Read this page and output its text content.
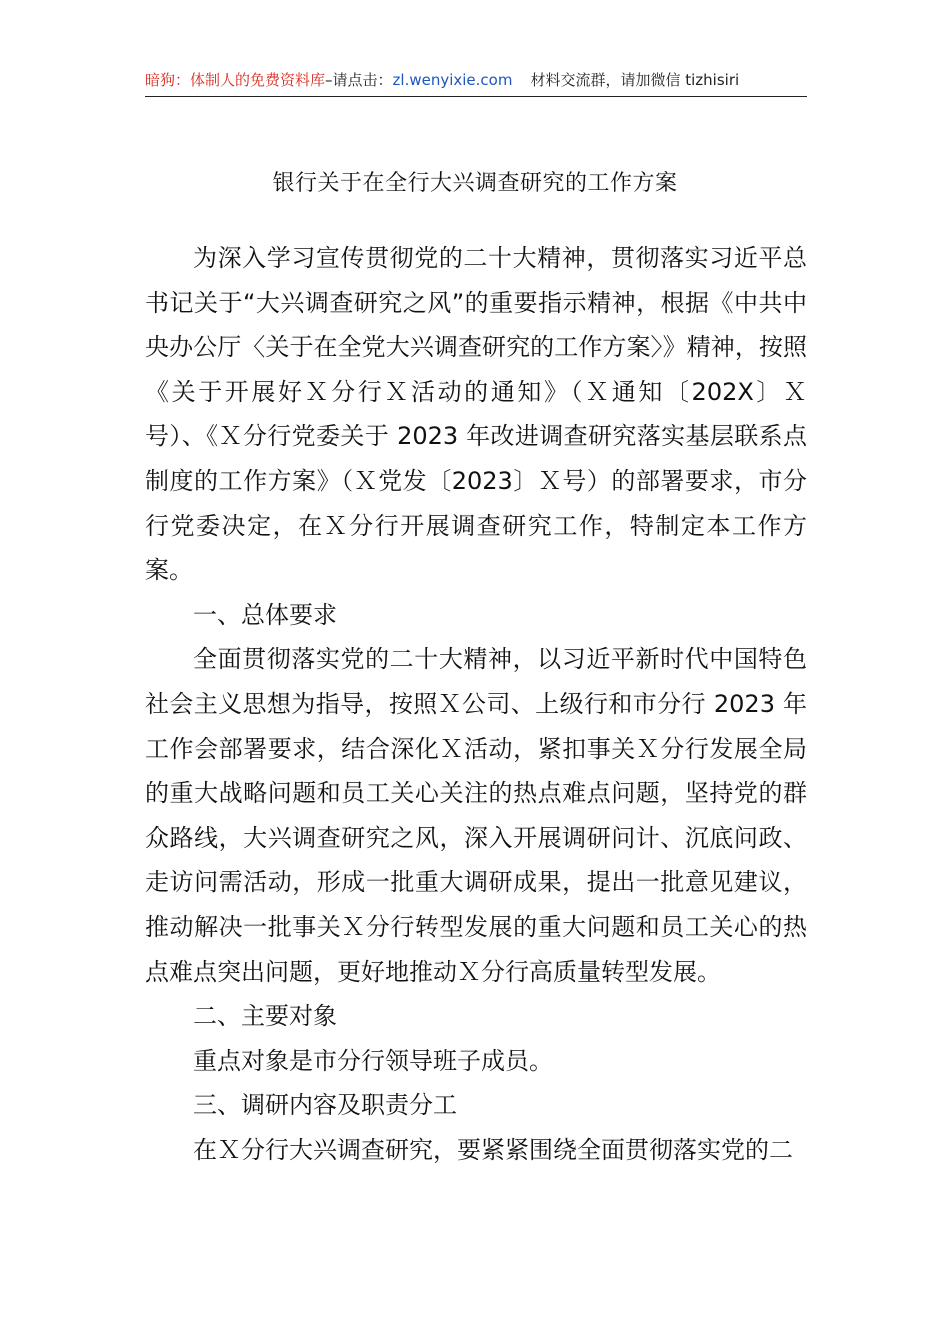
暗狗：体制人的免费资料库–请点击：zl.wenyixie.com 材料交流群，请加微信 tizhisiri
银行关于在全行大兴调查研究的工作方案

为深入学习宣传贯彻党的二十大精神，贯彻落实习近平总书记关于“大兴调查研究之风”的重要指示精神，根据《中共中央办公厅〈关于在全党大兴调查研究的工作方案〉》精神，按照《关于开展好Ｘ分行Ｘ活动的通知》（Ｘ通知〔202X〕Ｘ号）、《Ｘ分行党委关于 2023 年改进调查研究落实基层联系点制度的工作方案》（Ｘ党发〔2023〕Ｘ号）的部署要求，市分行党委决定，在Ｘ分行开展调查研究工作，特制定本工作方案。

一、总体要求

全面贯彻落实党的二十大精神，以习近平新时代中国特色社会主义思想为指导，按照Ｘ公司、上级行和市分行 2023 年工作会部署要求，结合深化Ｘ活动，紧扣事关Ｘ分行发展全局的重大战略问题和员工关心关注的热点难点问题，坚持党的群众路线，大兴调查研究之风，深入开展调研问计、沉底问政、走访问需活动，形成一批重大调研成果，提出一批意见建议，推动解决一批事关Ｘ分行转型发展的重大问题和员工关心的热点难点突出问题，更好地推动Ｘ分行高质量转型发展。

二、主要对象

重点对象是市分行领导班子成员。

三、调研内容及职责分工

在Ｘ分行大兴调查研究，要紧紧围绕全面贯彻落实党的二
